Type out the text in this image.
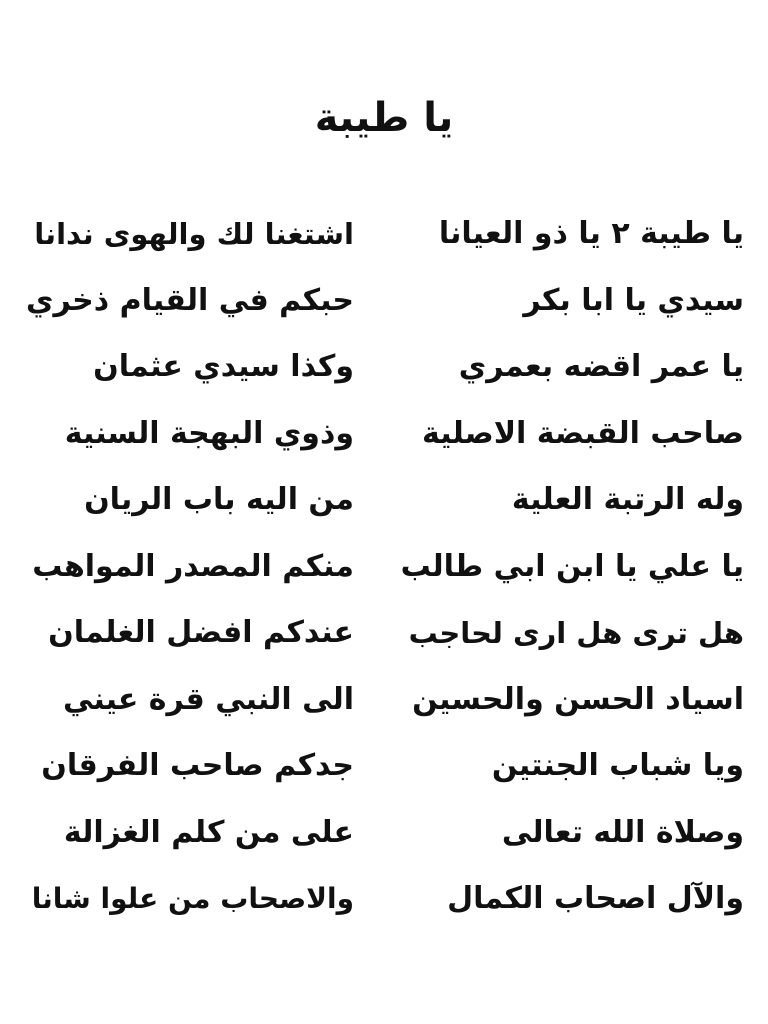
يا طيبة
يا طيبة ٢ يا ذو العيانا
اشتغنا لك والهوى ندانا
سيدي يا ابا بكر
حبكم في القيام ذخري
يا عمر اقضه بعمري
وكذا سيدي عثمان
صاحب القبضة الاصلية
وذوي البهجة السنية
وله الرتبة العلية
من اليه باب الريان
يا علي يا ابن ابي طالب
منكم المصدر المواهب
هل ترى هل ارى لحاجب
عندكم افضل الغلمان
اسياد الحسن والحسين
الى النبي قرة عيني
ويا شباب الجنتين
جدكم صاحب الفرقان
وصلاة الله تعالى
على من كلم الغزالة
والآل اصحاب الكمال
والاصحاب من علوا شانا
